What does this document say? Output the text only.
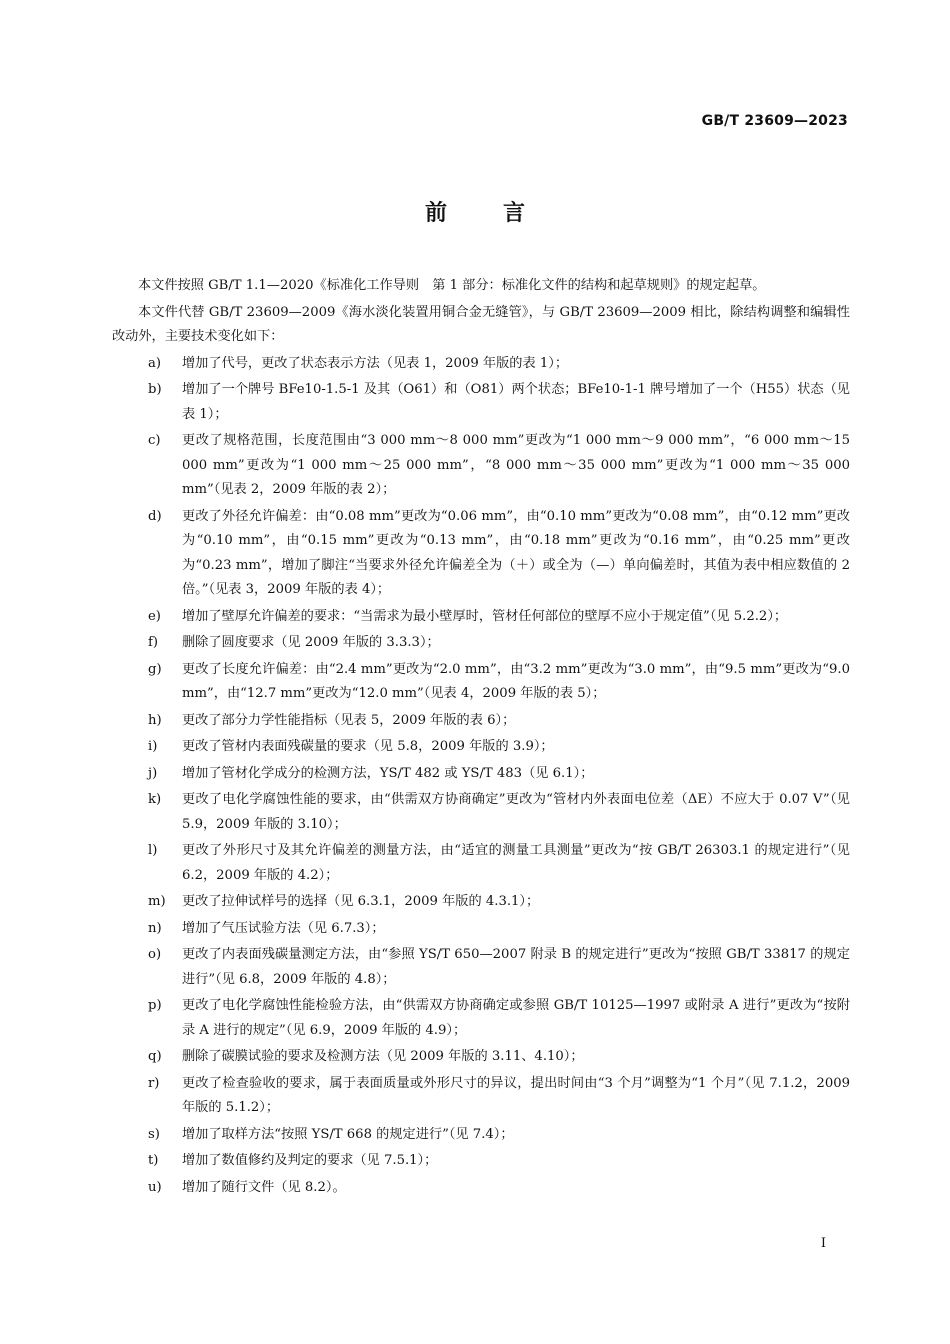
GB/T 23609—2023
前言

本文件按照 GB/T 1.1—2020《标准化工作导则　第 1 部分：标准化文件的结构和起草规则》的规定起草。

本文件代替 GB/T 23609—2009《海水淡化装置用铜合金无缝管》，与 GB/T 23609—2009 相比，除结构调整和编辑性改动外，主要技术变化如下：

a)	增加了代号，更改了状态表示方法（见表 1，2009 年版的表 1）；
b)	增加了一个牌号 BFe10-1.5-1 及其（O61）和（O81）两个状态；BFe10-1-1 牌号增加了一个（H55）状态（见表 1）；
c)	更改了规格范围，长度范围由“3 000 mm～8 000 mm”更改为“1 000 mm～9 000 mm”，“6 000 mm～15 000 mm”更改为“1 000 mm～25 000 mm”，“8 000 mm～35 000 mm”更改为“1 000 mm～35 000 mm”（见表 2，2009 年版的表 2）；
d)	更改了外径允许偏差：由“0.08 mm”更改为“0.06 mm”，由“0.10 mm”更改为“0.08 mm”，由“0.12 mm”更改为“0.10 mm”，由“0.15 mm”更改为“0.13 mm”，由“0.18 mm”更改为“0.16 mm”，由“0.25 mm”更改为“0.23 mm”，增加了脚注“当要求外径允许偏差全为（＋）或全为（—）单向偏差时，其值为表中相应数值的 2 倍。”（见表 3，2009 年版的表 4）；
e)	增加了壁厚允许偏差的要求：“当需求为最小壁厚时，管材任何部位的壁厚不应小于规定值”（见 5.2.2）；
f)	删除了圆度要求（见 2009 年版的 3.3.3）；
g)	更改了长度允许偏差：由“2.4 mm”更改为“2.0 mm”，由“3.2 mm”更改为“3.0 mm”，由“9.5 mm”更改为“9.0 mm”，由“12.7 mm”更改为“12.0 mm”（见表 4，2009 年版的表 5）；
h)	更改了部分力学性能指标（见表 5，2009 年版的表 6）；
i)	更改了管材内表面残碳量的要求（见 5.8，2009 年版的 3.9）；
j)	增加了管材化学成分的检测方法，YS/T 482 或 YS/T 483（见 6.1）；
k)	更改了电化学腐蚀性能的要求，由“供需双方协商确定”更改为“管材内外表面电位差（ΔE）不应大于 0.07 V”（见 5.9，2009 年版的 3.10）；
l)	更改了外形尺寸及其允许偏差的测量方法，由“适宜的测量工具测量”更改为“按 GB/T 26303.1 的规定进行”（见 6.2，2009 年版的 4.2）；
m)	更改了拉伸试样号的选择（见 6.3.1，2009 年版的 4.3.1）；
n)	增加了气压试验方法（见 6.7.3）；
o)	更改了内表面残碳量测定方法，由“参照 YS/T 650—2007 附录 B 的规定进行”更改为“按照 GB/T 33817 的规定进行”（见 6.8，2009 年版的 4.8）；
p)	更改了电化学腐蚀性能检验方法，由“供需双方协商确定或参照 GB/T 10125—1997 或附录 A 进行”更改为“按附录 A 进行的规定”（见 6.9，2009 年版的 4.9）；
q)	删除了碳膜试验的要求及检测方法（见 2009 年版的 3.11、4.10）；
r)	更改了检查验收的要求，属于表面质量或外形尺寸的异议，提出时间由“3 个月”调整为“1 个月”（见 7.1.2，2009 年版的 5.1.2）；
s)	增加了取样方法“按照 YS/T 668 的规定进行”（见 7.4）；
t)	增加了数值修约及判定的要求（见 7.5.1）；
u)	增加了随行文件（见 8.2）。
I
